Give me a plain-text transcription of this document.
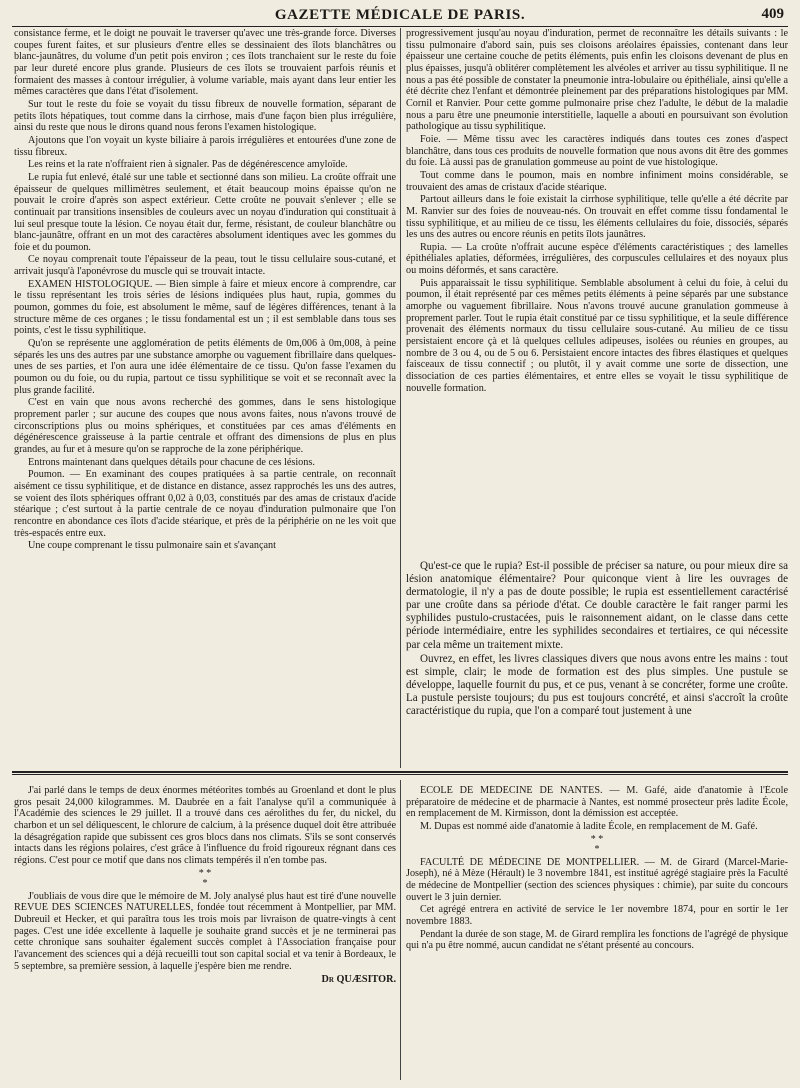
GAZETTE MÉDICALE DE PARIS.	409

consistance ferme, et le doigt ne pouvait le traverser qu'avec une très-grande force. Diverses coupes furent faites, et sur plusieurs d'entre elles se dessinaient des îlots blanchâtres ou blanc-jaunâtres, du volume d'un petit pois environ ; ces îlots tranchaient sur le reste du foie par leur dureté encore plus grande. Plusieurs de ces îlots se trouvaient parfois réunis et formaient des masses à contour irrégulier, à volume variable, mais ayant dans leur entier les mêmes caractères que dans l'état d'isolement.

Sur tout le reste du foie se voyait du tissu fibreux de nouvelle formation, séparant de petits îlots hépatiques, tout comme dans la cirrhose, mais d'une façon bien plus irrégulière, ainsi du reste que nous le dirons quand nous ferons l'examen histologique.

Ajoutons que l'on voyait un kyste biliaire à parois irrégulières et entourées d'une zone de tissu fibreux.

Les reins et la rate n'offraient rien à signaler. Pas de dégénérescence amyloïde.

Le rupia fut enlevé, étalé sur une table et sectionné dans son milieu. La croûte offrait une épaisseur de quelques millimètres seulement, et était beaucoup moins épaisse qu'on ne pouvait le croire d'après son aspect extérieur. Cette croûte ne pouvait s'enlever ; elle se continuait par transitions insensibles de couleurs avec un noyau d'induration qui constituait à lui seul presque toute la lésion. Ce noyau était dur, ferme, résistant, de couleur blanchâtre ou blanc-jaunâtre, offrant en un mot des caractères absolument identiques avec les gommes du foie et du poumon.

Ce noyau comprenait toute l'épaisseur de la peau, tout le tissu cellulaire sous-cutané, et arrivait jusqu'à l'aponévrose du muscle qui se trouvait intacte.

EXAMEN HISTOLOGIQUE. — Bien simple à faire et mieux encore à comprendre, car le tissu représentant les trois séries de lésions indiquées plus haut, rupia, gommes du poumon, gommes du foie, est absolument le même, sauf de légères différences, tenant à la structure même de ces organes ; le tissu fondamental est un ; il est semblable dans tous ses points, c'est le tissu syphilitique.

Qu'on se représente une agglomération de petits éléments de 0m,006 à 0m,008, à peine séparés les uns des autres par une substance amorphe ou vaguement fibrillaire dans quelques-unes de ses parties, et l'on aura une idée élémentaire de ce tissu. Qu'on fasse l'examen du poumon ou du foie, ou du rupia, partout ce tissu syphilitique se voit et se reconnaît avec la plus grande facilité.

C'est en vain que nous avons recherché des gommes, dans le sens histologique proprement parler ; sur aucune des coupes que nous avons faites, nous n'avons trouvé de circonscriptions plus ou moins sphériques, et constituées par ces amas d'éléments en dégénérescence graisseuse à la partie centrale et offrant des dimensions de plus en plus grandes, au fur et à mesure qu'on se rapproche de la zone périphérique.

Entrons maintenant dans quelques détails pour chacune de ces lésions.

Poumon. — En examinant des coupes pratiquées à sa partie centrale, on reconnaît aisément ce tissu syphilitique, et de distance en distance, assez rapprochés les uns des autres, se voient des îlots sphériques offrant 0,02 à 0,03, constitués par des amas de cristaux d'acide stéarique ; c'est surtout à la partie centrale de ce noyau d'induration pulmonaire que l'on rencontre en abondance ces îlots d'acide stéarique, et près de la périphérie on ne les voit que très-espacés entre eux.

Une coupe comprenant le tissu pulmonaire sain et s'avançant

progressivement jusqu'au noyau d'induration, permet de reconnaître les détails suivants : le tissu pulmonaire d'abord sain, puis ses cloisons aréolaires épaissies, contenant dans leur épaisseur une certaine couche de petits éléments, puis enfin les cloisons devenant de plus en plus épaisses, jusqu'à oblitérer complètement les alvéoles et arriver au tissu syphilitique. Il ne nous a pas été possible de constater la pneumonie intra-lobulaire ou épithéliale, ainsi qu'elle a été décrite chez l'enfant et démontrée pleinement par des préparations histologiques par MM. Cornil et Ranvier. Pour cette gomme pulmonaire prise chez l'adulte, le début de la maladie nous a paru être une pneumonie interstitielle, laquelle a abouti en poursuivant son évolution pathologique au tissu syphilitique.

Foie. — Même tissu avec les caractères indiqués dans toutes ces zones d'aspect blanchâtre, dans tous ces produits de nouvelle formation que nous avons dit être des gommes du foie. Là aussi pas de granulation gommeuse au point de vue histologique.

Tout comme dans le poumon, mais en nombre infiniment moins considérable, se trouvaient des amas de cristaux d'acide stéarique.

Partout ailleurs dans le foie existait la cirrhose syphilitique, telle qu'elle a été décrite par M. Ranvier sur des foies de nouveau-nés. On trouvait en effet comme tissu fondamental le tissu syphilitique, et au milieu de ce tissu, les éléments cellulaires du foie, dissociés, séparés les uns des autres ou encore réunis en petits îlots jaunâtres.

Rupia. — La croûte n'offrait aucune espèce d'éléments caractéristiques ; des lamelles épithéliales aplaties, déformées, irrégulières, des corpuscules cellulaires et des noyaux plus ou moins déformés, et sans caractère.

Puis apparaissait le tissu syphilitique. Semblable absolument à celui du foie, à celui du poumon, il était représenté par ces mêmes petits éléments à peine séparés par une substance amorphe ou vaguement fibrillaire. Nous n'avons trouvé aucune granulation gommeuse à proprement parler. Tout le rupia était constitué par ce tissu syphilitique, et la seule différence provenait des éléments normaux du tissu cellulaire sous-cutané. Au milieu de ce tissu persistaient encore çà et là quelques cellules adipeuses, isolées ou réunies en groupes, au nombre de 3 ou 4, ou de 5 ou 6. Persistaient encore intactes des fibres élastiques et quelques faisceaux de tissu connectif ; ou plutôt, il y avait comme une sorte de dissection, une dissociation de ces parties élémentaires, et entre elles se voyait le tissu syphilitique de nouvelle formation.

Qu'est-ce que le rupia? Est-il possible de préciser sa nature, ou pour mieux dire sa lésion anatomique élémentaire? Pour quiconque vient à lire les ouvrages de dermatologie, il n'y a pas de doute possible; le rupia est essentiellement caractérisé par une croûte dans sa période d'état. Ce double caractère le fait ranger parmi les syphilides pustulo-crustacées, puis le raisonnement aidant, on le classe dans cette période intermédiaire, entre les syphilides secondaires et tertiaires, ce qui nécessite par cela même un traitement mixte.

Ouvrez, en effet, les livres classiques divers que nous avons entre les mains : tout est simple, clair; le mode de formation est des plus simples. Une pustule se développe, laquelle fournit du pus, et ce pus, venant à se concréter, forme une croûte. La pustule persiste toujours; du pus est toujours concrété, et ainsi s'accroît la croûte caractéristique du rupia, que l'on a comparé tout justement à une

J'ai parlé dans le temps de deux énormes météorites tombés au Groenland et dont le plus gros pesait 24,000 kilogrammes. M. Daubrée en a fait l'analyse qu'il a communiquée à l'Académie des sciences le 29 juillet. Il a trouvé dans ces aérolithes du fer, du nickel, du charbon et un sel déliquescent, le chlorure de calcium, à la présence duquel doit être attribuée la désagrégation rapide que subissent ces gros blocs dans nos climats. S'ils se sont conservés intacts dans les régions polaires, c'est grâce à l'influence du froid rigoureux régnant dans ces régions. C'est pour ce motif que dans nos climats tempérés il n'en tombe pas.

* *
*

J'oubliais de vous dire que le mémoire de M. Joly analysé plus haut est tiré d'une nouvelle REVUE DES SCIENCES NATURELLES, fondée tout récemment à Montpellier, par MM. Dubreuil et Hecker, et qui paraîtra tous les trois mois par livraison de quatre-vingts à cent pages. C'est une idée excellente à laquelle je souhaite grand succès et je ne terminerai pas cette chronique sans souhaiter également succès complet à l'Association française pour l'avancement des sciences qui a déjà recueilli tout son capital social et va tenir à Bordeaux, le 5 septembre, sa première session, à laquelle j'espère bien me rendre.

Dr QUÆSITOR.

ÉCOLE DE MÉDECINE DE NANTES. — M. Gafé, aide d'anatomie à l'École préparatoire de médecine et de pharmacie à Nantes, est nommé prosecteur près ladite École, en remplacement de M. Kirmisson, dont la démission est acceptée.

M. Dupas est nommé aide d'anatomie à ladite École, en remplacement de M. Gafé.

* *
*

FACULTÉ DE MÉDECINE DE MONTPELLIER. — M. de Girard (Marcel-Marie-Joseph), né à Mèze (Hérault) le 3 novembre 1841, est institué agrégé stagiaire près la Faculté de médecine de Montpellier (section des sciences physiques : chimie), par suite du concours ouvert le 3 juin dernier.

Cet agrégé entrera en activité de service le 1er novembre 1874, pour en sortir le 1er novembre 1883.

Pendant la durée de son stage, M. de Girard remplira les fonctions de l'agrégé de physique qui n'a pu être nommé, aucun candidat ne s'étant présenté au concours.
